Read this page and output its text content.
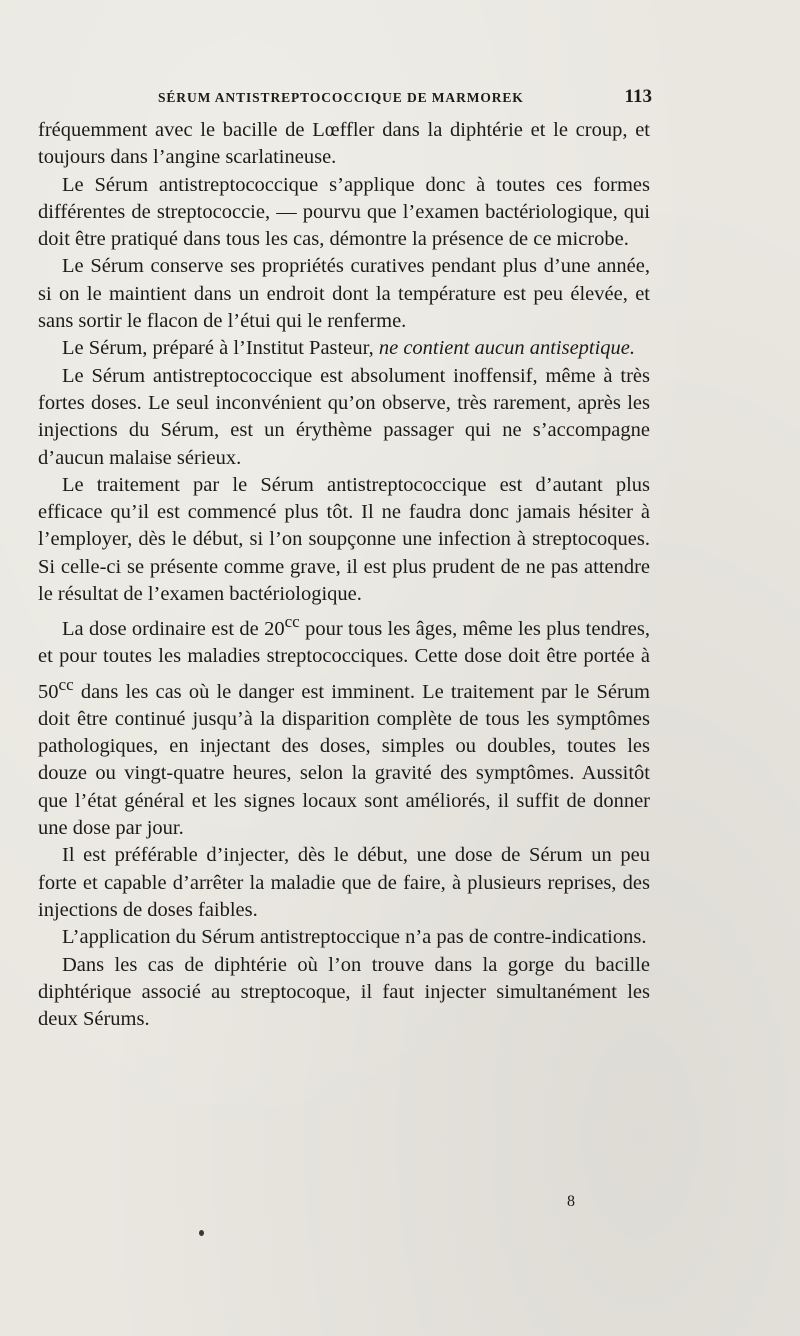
SÉRUM ANTISTREPTOCOCCIQUE DE MARMOREK	113

fréquemment avec le bacille de Lœffler dans la diphtérie et le croup, et toujours dans l’angine scarlatineuse.

Le Sérum antistreptococcique s’applique donc à toutes ces formes différentes de streptococcie, — pourvu que l’examen bactériologique, qui doit être pratiqué dans tous les cas, démontre la présence de ce microbe.

Le Sérum conserve ses propriétés curatives pendant plus d’une année, si on le maintient dans un endroit dont la température est peu élevée, et sans sortir le flacon de l’étui qui le renferme.

Le Sérum, préparé à l’Institut Pasteur, ne contient aucun antiseptique.

Le Sérum antistreptococcique est absolument inoffensif, même à très fortes doses. Le seul inconvénient qu’on observe, très rarement, après les injections du Sérum, est un érythème passager qui ne s’accompagne d’aucun malaise sérieux.

Le traitement par le Sérum antistreptococcique est d’autant plus efficace qu’il est commencé plus tôt. Il ne faudra donc jamais hésiter à l’employer, dès le début, si l’on soupçonne une infection à streptocoques. Si celle-ci se présente comme grave, il est plus prudent de ne pas attendre le résultat de l’examen bactériologique.

La dose ordinaire est de $20^{cc}$ pour tous les âges, même les plus tendres, et pour toutes les maladies streptococciques. Cette dose doit être portée à $50^{cc}$ dans les cas où le danger est imminent. Le traitement par le Sérum doit être continué jusqu’à la disparition complète de tous les symptômes pathologiques, en injectant des doses, simples ou doubles, toutes les douze ou vingt-quatre heures, selon la gravité des symptômes. Aussitôt que l’état général et les signes locaux sont améliorés, il suffit de donner une dose par jour.

Il est préférable d’injecter, dès le début, une dose de Sérum un peu forte et capable d’arrêter la maladie que de faire, à plusieurs reprises, des injections de doses faibles.

L’application du Sérum antistreptoccique n’a pas de contre-indications.

Dans les cas de diphtérie où l’on trouve dans la gorge du bacille diphtérique associé au streptocoque, il faut injecter simultanément les deux Sérums.

8
